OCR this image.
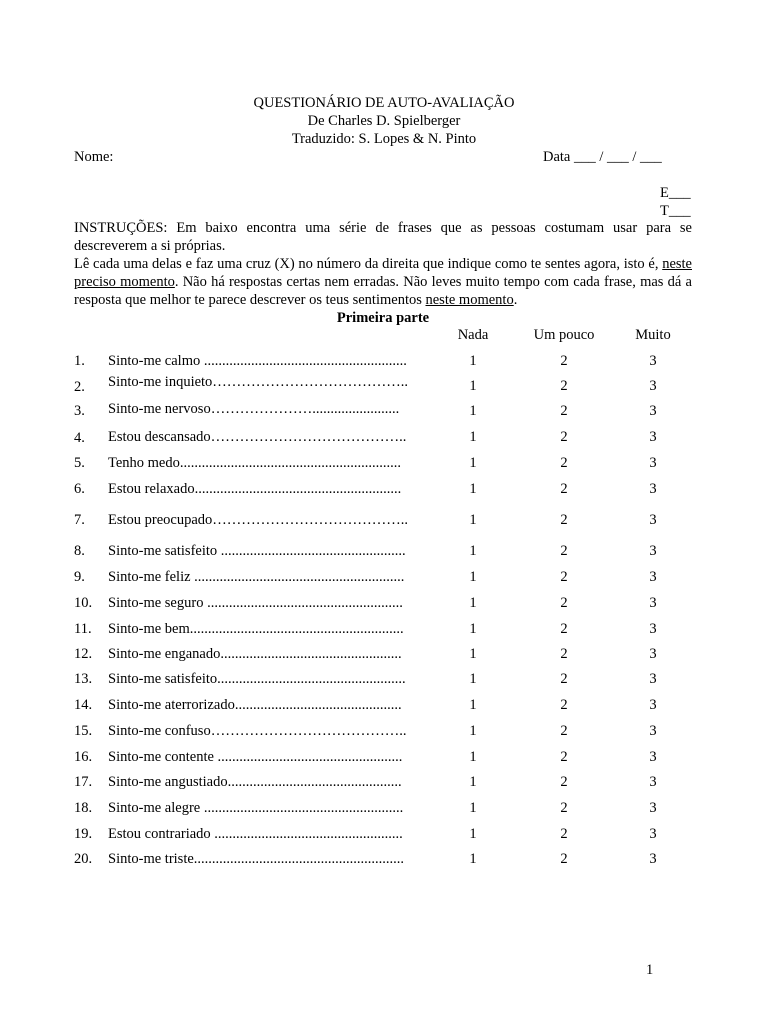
QUESTIONÁRIO DE AUTO-AVALIAÇÃO
De Charles D. Spielberger
Traduzido: S. Lopes & N. Pinto
Nome:	Data ___ / ___ / ___
E___
T___
INSTRUÇÕES: Em baixo encontra uma série de frases que as pessoas costumam usar para se descreverem a si próprias.
Lê cada uma delas e faz uma cruz (X) no número da direita que indique como te sentes agora, isto é, neste preciso momento. Não há respostas certas nem erradas. Não leves muito tempo com cada frase, mas dá a resposta que melhor te parece descrever os teus sentimentos neste momento.
Primeira parte
Nada	Um pouco	Muito
1. Sinto-me calmo ........................................................	1	2	3
2. Sinto-me inquieto…………………………………..	1	2	3
3. Sinto-me nervoso…………………........................	1	2	3
4. Estou descansado…………………………………..	1	2	3
5. Tenho medo.............................................................	1	2	3
6. Estou relaxado.........................................................	1	2	3
7. Estou preocupado…………………………………..	1	2	3
8. Sinto-me satisfeito ...................................................	1	2	3
9. Sinto-me feliz ..........................................................	1	2	3
10. Sinto-me seguro ......................................................	1	2	3
11. Sinto-me bem...........................................................	1	2	3
12. Sinto-me enganado..................................................	1	2	3
13. Sinto-me satisfeito....................................................	1	2	3
14. Sinto-me aterrorizado..............................................	1	2	3
15. Sinto-me confuso…………………………………..	1	2	3
16. Sinto-me contente ...................................................	1	2	3
17. Sinto-me angustiado................................................	1	2	3
18. Sinto-me alegre .......................................................	1	2	3
19. Estou contrariado ....................................................	1	2	3
20. Sinto-me triste..........................................................	1	2	3
1
